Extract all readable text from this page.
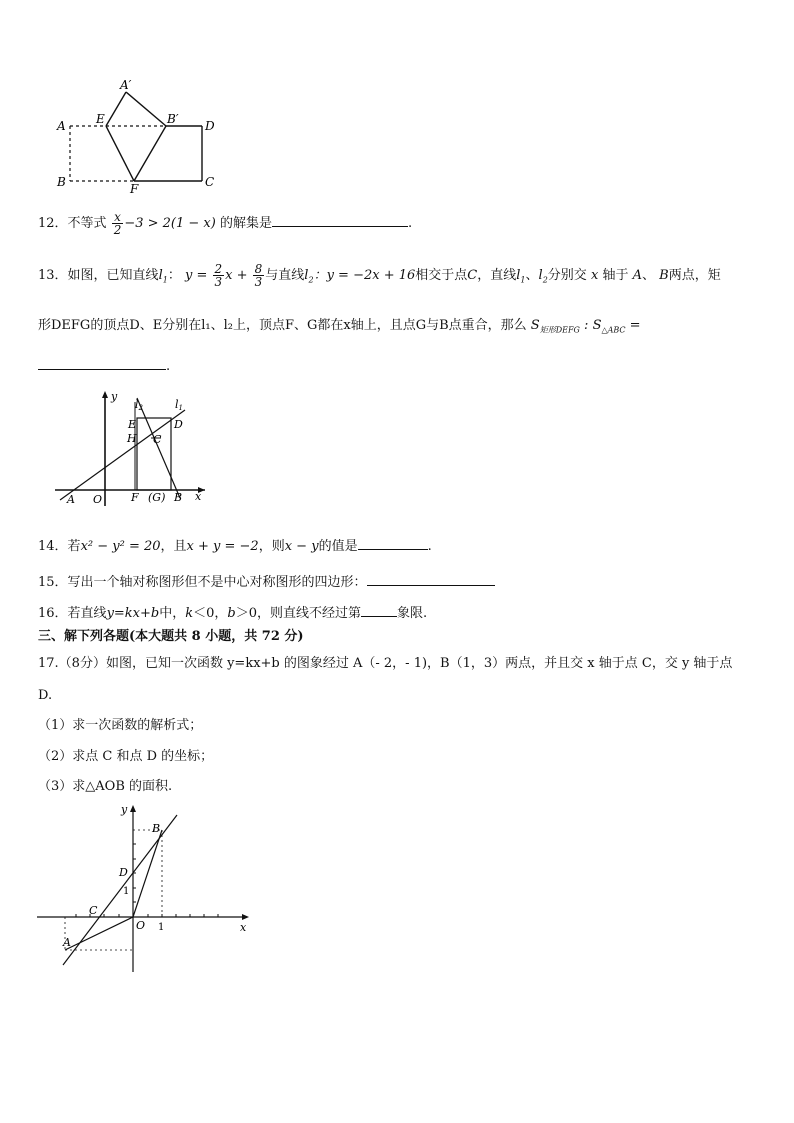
A′
A	E	B′ D
B	F	C
12．不等式 $\frac{x}{2} -3 > 2(1 - x)$ 的解集是	.
13．如图，已知直线$l_1$： $y = \frac{2}{3}$ $x + \frac{8}{3}$ 与直线$l_2$：y = −2x + 16相交于点C，直线$l_1$、$l_2$分别交 x 轴于 A、 B两点，矩
形DEFG的顶点D、E分别在l₁、l₂上，顶点F、G都在x轴上，且点G与B点重合，那么 $S_{矩形DEFG}$ : $S_{\triangle ABC}$ =
.
y
l2	l1
E	D
H C
A O	F (G) B x
14．若x² − y² = 20，且x + y = −2，则x − y的值是	.
15．写出一个轴对称图形但不是中心对称图形的四边形：
16．若直线y=kx+b中，k＜0，b＞0，则直线不经过第	象限.
三、解下列各题(本大题共 8 小题，共 72 分)
17.（8分）如图，已知一次函数 y=kx+b 的图象经过 A（- 2，- 1)，B（1，3）两点，并且交 x 轴于点 C，交 y 轴于点
D.
（1）求一次函数的解析式；
（2）求点 C 和点 D 的坐标；
（3）求△AOB 的面积.
y
B
D
1
C
O 1	x
A
